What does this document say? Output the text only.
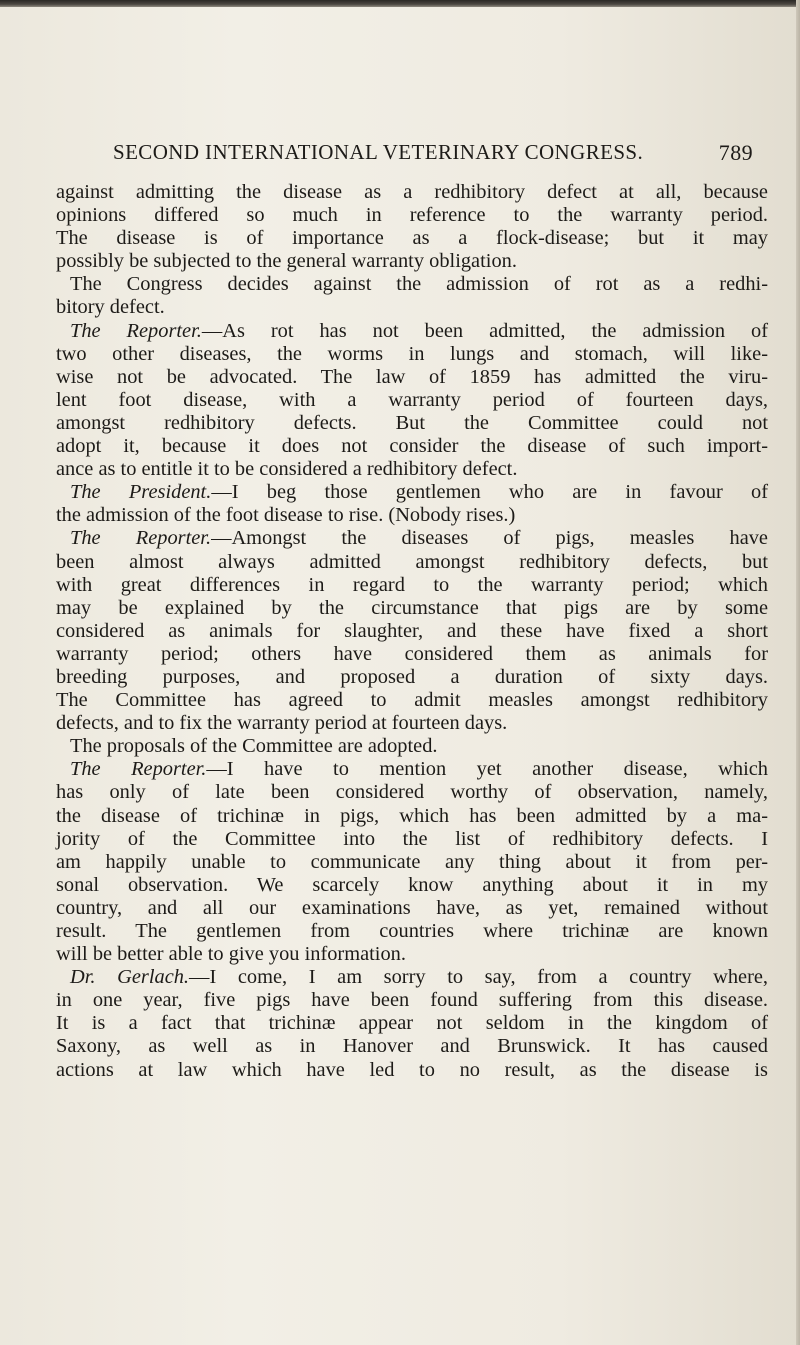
SECOND INTERNATIONAL VETERINARY CONGRESS.	789
against admitting the disease as a redhibitory defect at all, because
opinions differed so much in reference to the warranty period.
The disease is of importance as a flock-disease; but it may
possibly be subjected to the general warranty obligation.
The Congress decides against the admission of rot as a redhi-
bitory defect.
The Reporter.—As rot has not been admitted, the admission of
two other diseases, the worms in lungs and stomach, will like-
wise not be advocated. The law of 1859 has admitted the viru-
lent foot disease, with a warranty period of fourteen days,
amongst redhibitory defects. But the Committee could not
adopt it, because it does not consider the disease of such import-
ance as to entitle it to be considered a redhibitory defect.
The President.—I beg those gentlemen who are in favour of
the admission of the foot disease to rise. (Nobody rises.)
The Reporter.—Amongst the diseases of pigs, measles have
been almost always admitted amongst redhibitory defects, but
with great differences in regard to the warranty period; which
may be explained by the circumstance that pigs are by some
considered as animals for slaughter, and these have fixed a short
warranty period; others have considered them as animals for
breeding purposes, and proposed a duration of sixty days.
The Committee has agreed to admit measles amongst redhibitory
defects, and to fix the warranty period at fourteen days.
The proposals of the Committee are adopted.
The Reporter.—I have to mention yet another disease, which
has only of late been considered worthy of observation, namely,
the disease of trichinæ in pigs, which has been admitted by a ma-
jority of the Committee into the list of redhibitory defects. I
am happily unable to communicate any thing about it from per-
sonal observation. We scarcely know anything about it in my
country, and all our examinations have, as yet, remained without
result. The gentlemen from countries where trichinæ are known
will be better able to give you information.
Dr. Gerlach.—I come, I am sorry to say, from a country where,
in one year, five pigs have been found suffering from this disease.
It is a fact that trichinæ appear not seldom in the kingdom of
Saxony, as well as in Hanover and Brunswick. It has caused
actions at law which have led to no result, as the disease is
